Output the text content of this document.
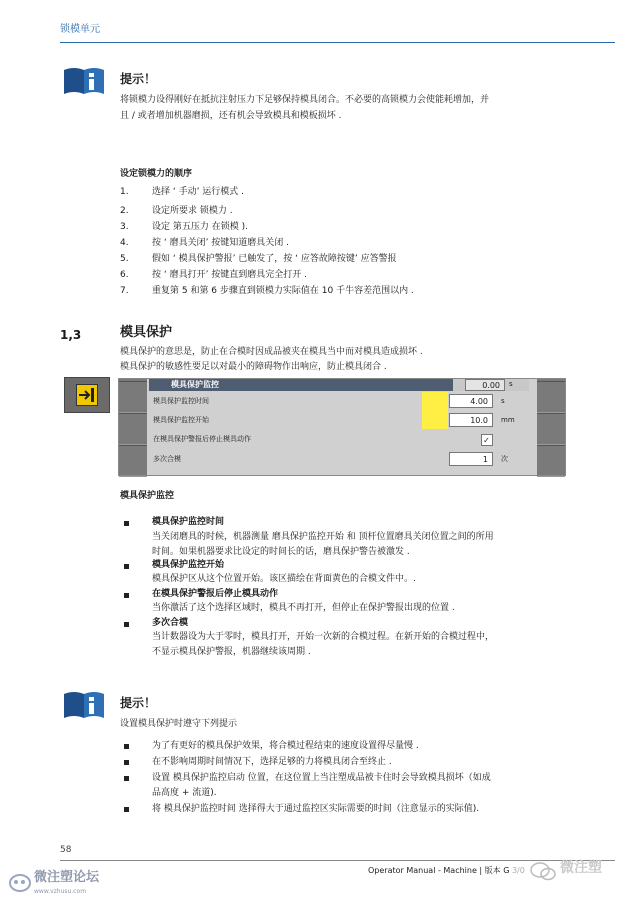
锁模单元
提示！
将锁模力设得刚好在抵抗注射压力下足够保持模具闭合。不必要的高锁模力会使能耗增加，并
且 / 或者增加机器磨损，还有机会导致模具和模板损坏 .
设定锁模力的顺序
1.	选择 ‘ 手动’ 运行模式 .
2.	设定所要求 锁模力 .
3.	设定 第五压力 在锁模 ).
4.	按 ‘ 磨具关闭’ 按键知道磨具关闭 .
5.	假如 ‘ 模具保护警报’ 已触发了，按 ‘ 应答故障按键’ 应答警报
6.	按 ‘ 磨具打开’ 按键直到磨具完全打开 .
7.	重复第 5 和第 6 步骤直到锁模力实际值在 10 千牛容差范围以内 .
1,3	模具保护
模具保护的意思是，防止在合模时因成品被夹在模具当中而对模具造成损坏 .
模具保护的敏感性要足以对最小的障碍物作出响应，防止模具闭合 .
模具保护监控	0.00	s
模具保护监控时间	4.00	s
模具保护监控开始	10.0	mm
在模具保护警报后停止模具动作	✓
多次合模	1	次
模具保护监控
模具保护监控时间
当关闭磨具的时候，机器测量 磨具保护监控开始 和 顶杆位置磨具关闭位置之间的所用
时间。如果机器要求比设定的时间长的话，磨具保护警告被激发 .
模具保护监控开始
模具保护区从这个位置开始。该区描绘在背面黄色的合模文件中。.
在模具保护警报后停止模具动作
当你激活了这个选择区域时，模具不再打开，但停止在保护警报出现的位置 .
多次合模
当计数器设为大于零时，模具打开，开始一次新的合模过程。在新开始的合模过程中，
不显示模具保护警报，机器继续该周期 .
提示！
设置模具保护时遵守下列提示
为了有更好的模具保护效果，将合模过程结束的速度设置得尽量慢 .
在不影响周期时间情况下，选择足够的力将模具闭合至终止 .
设置 模具保护监控启动 位置，在这位置上当注塑成品被卡住时会导致模具损坏（如成
品高度 + 流道).
将 模具保护监控时间 选择得大于通过监控区实际需要的时间（注意显示的实际值).
58
Operator Manual - Machine | 版本 G 3/0
微注塑论坛
www.vzhusu.com
微注塑
